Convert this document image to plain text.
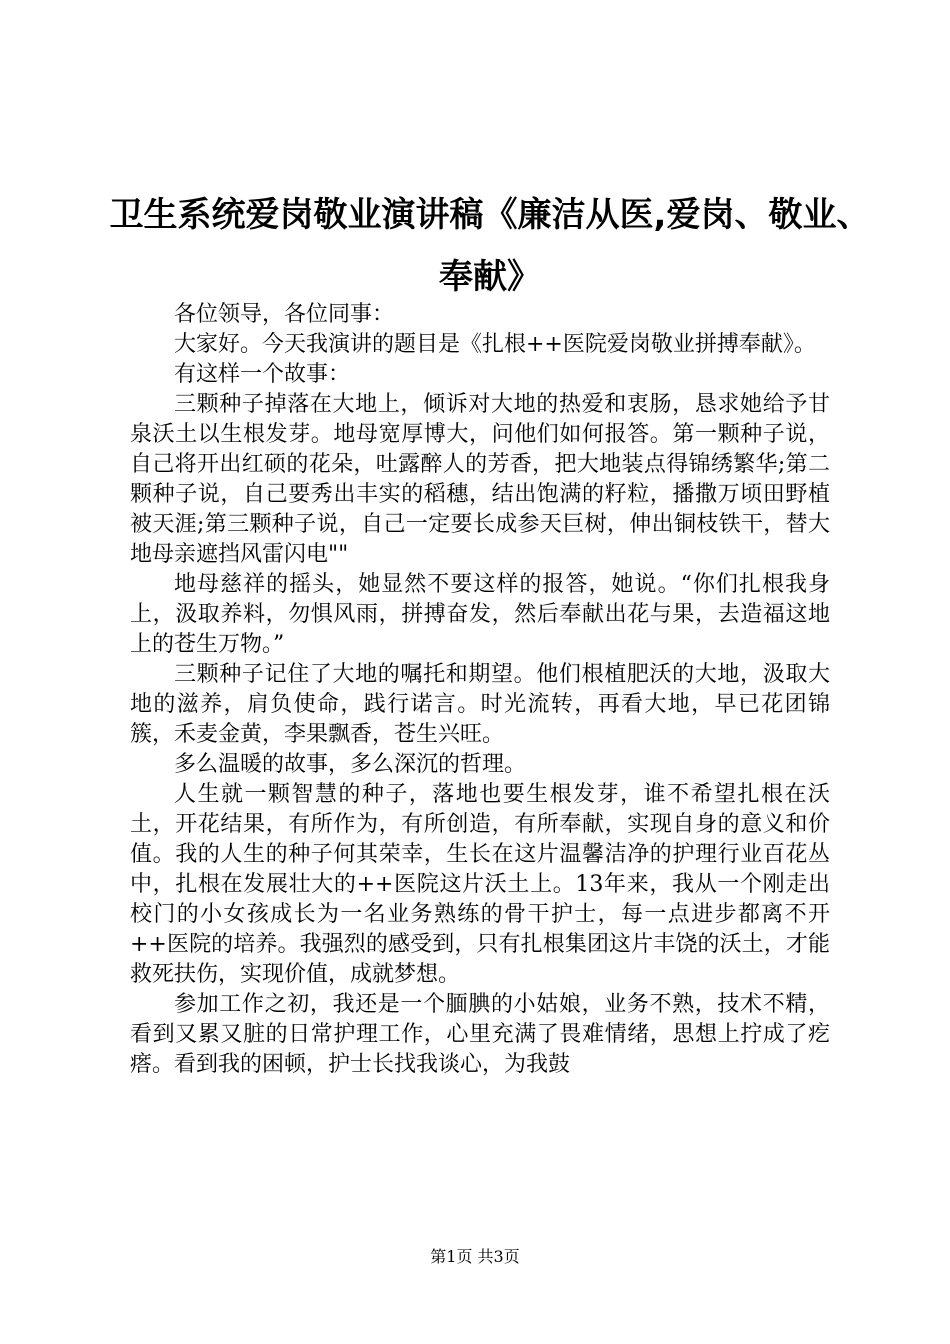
卫生系统爱岗敬业演讲稿《廉洁从医,爱岗、敬业、奉献》

各位领导，各位同事：

大家好。今天我演讲的题目是《扎根++医院爱岗敬业拼搏奉献》。

有这样一个故事：

三颗种子掉落在大地上，倾诉对大地的热爱和衷肠，恳求她给予甘泉沃土以生根发芽。地母宽厚博大，问他们如何报答。第一颗种子说，自己将开出红硕的花朵，吐露醉人的芳香，把大地装点得锦绣繁华;第二颗种子说，自己要秀出丰实的稻穗，结出饱满的籽粒，播撒万顷田野植被天涯;第三颗种子说，自己一定要长成参天巨树，伸出铜枝铁干，替大地母亲遮挡风雷闪电""

地母慈祥的摇头，她显然不要这样的报答，她说。“你们扎根我身上，汲取养料，勿惧风雨，拼搏奋发，然后奉献出花与果，去造福这地上的苍生万物。”

三颗种子记住了大地的嘱托和期望。他们根植肥沃的大地，汲取大地的滋养，肩负使命，践行诺言。时光流转，再看大地，早已花团锦簇，禾麦金黄，李果飘香，苍生兴旺。

多么温暖的故事，多么深沉的哲理。

人生就一颗智慧的种子，落地也要生根发芽，谁不希望扎根在沃土，开花结果，有所作为，有所创造，有所奉献，实现自身的意义和价值。我的人生的种子何其荣幸，生长在这片温馨洁净的护理行业百花丛中，扎根在发展壮大的++医院这片沃土上。13年来，我从一个刚走出校门的小女孩成长为一名业务熟练的骨干护士，每一点进步都离不开++医院的培养。我强烈的感受到，只有扎根集团这片丰饶的沃土，才能救死扶伤，实现价值，成就梦想。

参加工作之初，我还是一个腼腆的小姑娘，业务不熟，技术不精，看到又累又脏的日常护理工作，心里充满了畏难情绪，思想上拧成了疙瘩。看到我的困顿，护士长找我谈心，为我鼓

第1页 共3页
